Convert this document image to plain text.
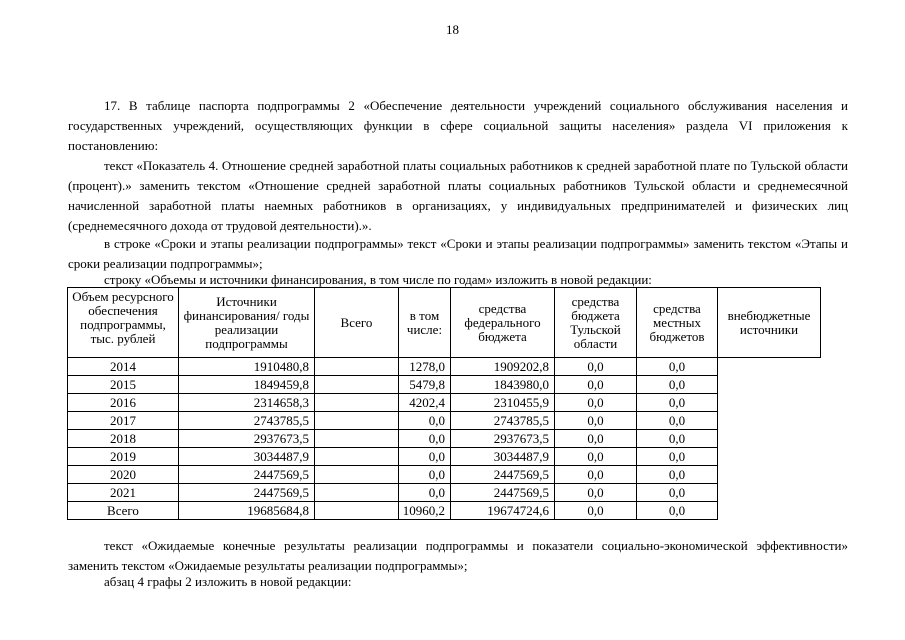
18

17. В таблице паспорта подпрограммы 2 «Обеспечение деятельности учреждений социального обслуживания населения и государственных учреждений, осуществляющих функции в сфере социальной защиты населения» раздела VI приложения к постановлению:

текст «Показатель 4. Отношение средней заработной платы социальных работников к средней заработной плате по Тульской области (процент).» заменить текстом «Отношение средней заработной платы социальных работников Тульской области и среднемесячной начисленной заработной платы наемных работников в организациях, у индивидуальных предпринимателей и физических лиц (среднемесячного дохода от трудовой деятельности).».

в строке «Сроки и этапы реализации подпрограммы» текст «Сроки и этапы реализации подпрограммы» заменить текстом «Этапы и сроки реализации подпрограммы»;

строку «Объемы и источники финансирования, в том числе по годам» изложить в новой редакции:

Объем ресурсного обеспечения подпрограммы, тыс. рублей	Источники финансирования/ годы реализации подпрограммы	Всего	в том числе:	средства федерального бюджета	средства бюджета Тульской области	средства местных бюджетов	внебюджетные источники
2014	1910480,8		1278,0	1909202,8	0,0	0,0	
2015	1849459,8		5479,8	1843980,0	0,0	0,0	
2016	2314658,3		4202,4	2310455,9	0,0	0,0	
2017	2743785,5		0,0	2743785,5	0,0	0,0	
2018	2937673,5		0,0	2937673,5	0,0	0,0	
2019	3034487,9		0,0	3034487,9	0,0	0,0	
2020	2447569,5		0,0	2447569,5	0,0	0,0	
2021	2447569,5		0,0	2447569,5	0,0	0,0	
Всего	19685684,8		10960,2	19674724,6	0,0	0,0	

текст «Ожидаемые конечные результаты реализации подпрограммы и показатели социально-экономической эффективности» заменить текстом «Ожидаемые результаты реализации подпрограммы»;

абзац 4 графы 2 изложить в новой редакции:
